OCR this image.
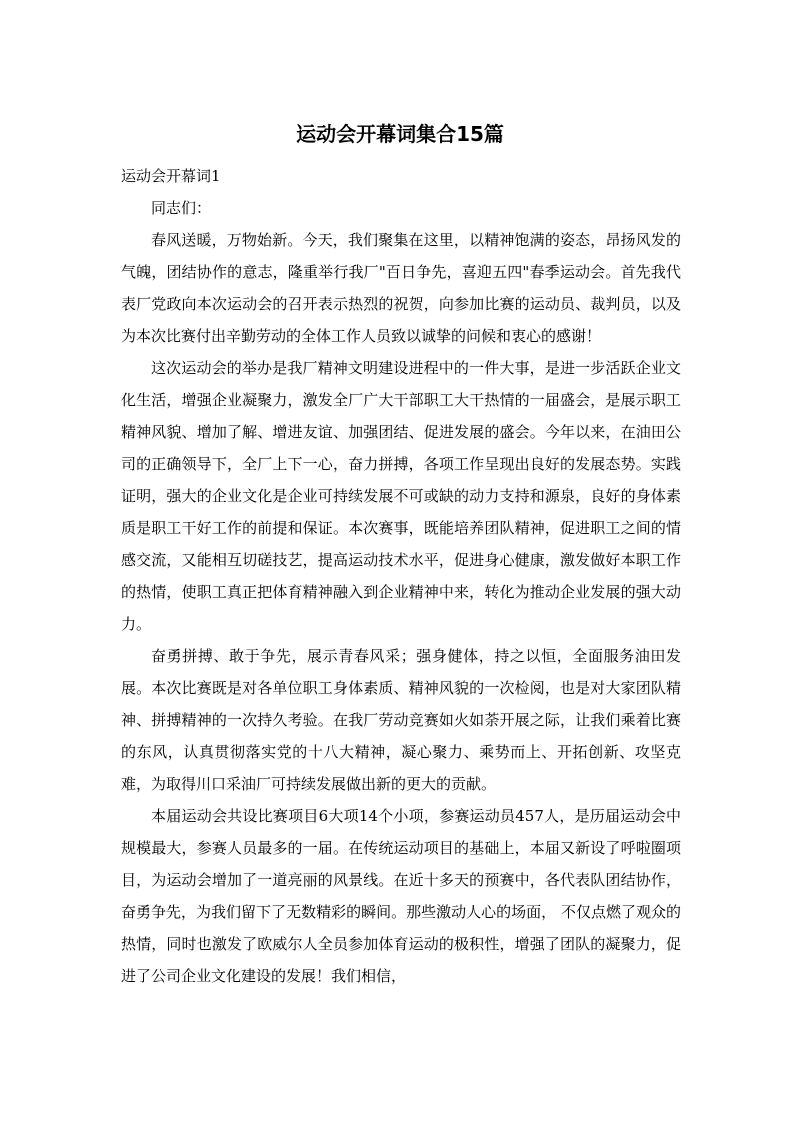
运动会开幕词集合15篇

运动会开幕词1

同志们：

春风送暖，万物始新。今天，我们聚集在这里，以精神饱满的姿态，昂扬风发的气魄，团结协作的意志，隆重举行我厂"百日争先，喜迎五四"春季运动会。首先我代表厂党政向本次运动会的召开表示热烈的祝贺，向参加比赛的运动员、裁判员，以及为本次比赛付出辛勤劳动的全体工作人员致以诚挚的问候和衷心的感谢！

这次运动会的举办是我厂精神文明建设进程中的一件大事，是进一步活跃企业文化生活，增强企业凝聚力，激发全厂广大干部职工大干热情的一届盛会，是展示职工精神风貌、增加了解、增进友谊、加强团结、促进发展的盛会。今年以来，在油田公司的正确领导下，全厂上下一心，奋力拼搏，各项工作呈现出良好的发展态势。实践证明，强大的企业文化是企业可持续发展不可或缺的动力支持和源泉，良好的身体素质是职工干好工作的前提和保证。本次赛事，既能培养团队精神，促进职工之间的情感交流，又能相互切磋技艺，提高运动技术水平，促进身心健康，激发做好本职工作的热情，使职工真正把体育精神融入到企业精神中来，转化为推动企业发展的强大动力。

奋勇拼搏、敢于争先，展示青春风采；强身健体，持之以恒，全面服务油田发展。本次比赛既是对各单位职工身体素质、精神风貌的一次检阅，也是对大家团队精神、拼搏精神的一次持久考验。在我厂劳动竞赛如火如荼开展之际，让我们乘着比赛的东风，认真贯彻落实党的十八大精神，凝心聚力、乘势而上、开拓创新、攻坚克难，为取得川口采油厂可持续发展做出新的更大的贡献。

本届运动会共设比赛项目6大项14个小项，参赛运动员457人，是历届运动会中规模最大，参赛人员最多的一届。在传统运动项目的基础上，本届又新设了呼啦圈项目，为运动会增加了一道亮丽的风景线。在近十多天的预赛中，各代表队团结协作，奋勇争先，为我们留下了无数精彩的瞬间。那些激动人心的场面， 不仅点燃了观众的热情，同时也激发了欧威尔人全员参加体育运动的极积性，增强了团队的凝聚力，促进了公司企业文化建设的发展！我们相信，
